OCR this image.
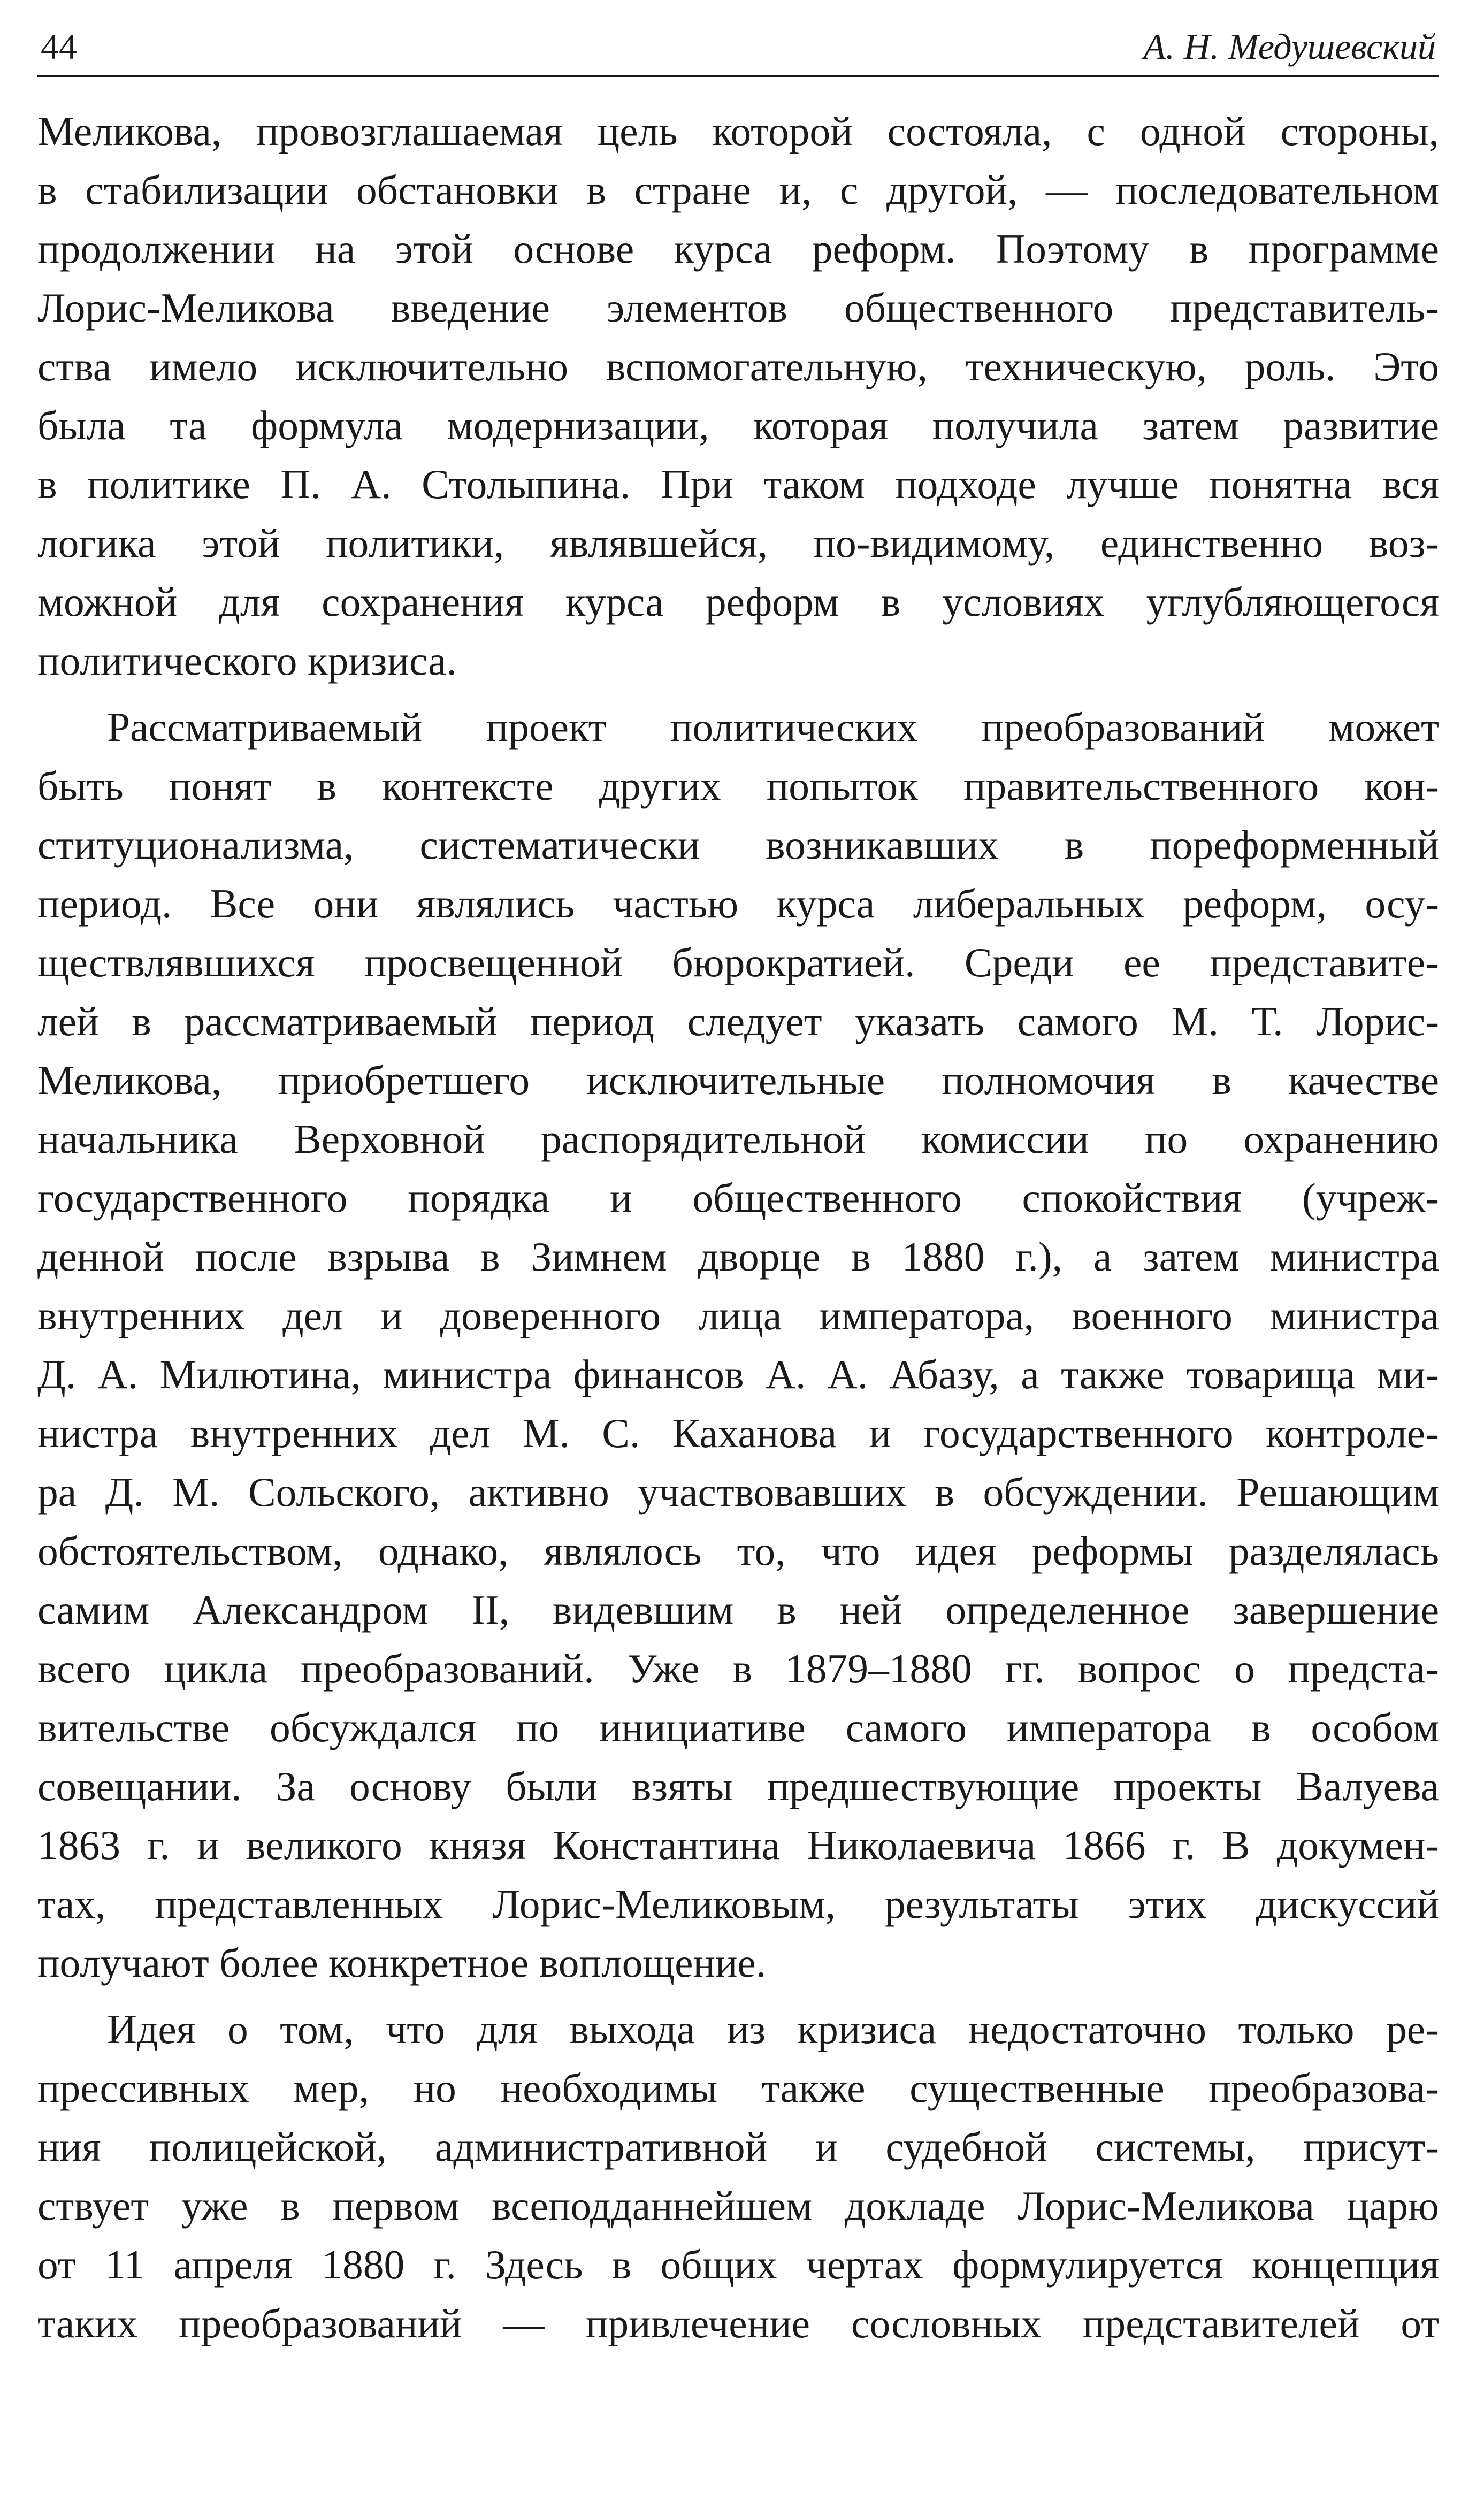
44	А. Н. Медушевский
Меликова, провозглашаемая цель которой состояла, с одной стороны,
в стабилизации обстановки в стране и, с другой, — последовательном
продолжении на этой основе курса реформ. Поэтому в программе
Лорис-Меликова введение элементов общественного представитель-
ства имело исключительно вспомогательную, техническую, роль. Это
была та формула модернизации, которая получила затем развитие
в политике П. А. Столыпина. При таком подходе лучше понятна вся
логика этой политики, являвшейся, по-видимому, единственно воз-
можной для сохранения курса реформ в условиях углубляющегося
политического кризиса.
Рассматриваемый проект политических преобразований может
быть понят в контексте других попыток правительственного кон-
ституционализма, систематически возникавших в пореформенный
период. Все они являлись частью курса либеральных реформ, осу-
ществлявшихся просвещенной бюрократией. Среди ее представите-
лей в рассматриваемый период следует указать самого М. Т. Лорис-
Меликова, приобретшего исключительные полномочия в качестве
начальника Верховной распорядительной комиссии по охранению
государственного порядка и общественного спокойствия (учреж-
денной после взрыва в Зимнем дворце в 1880 г.), а затем министра
внутренних дел и доверенного лица императора, военного министра
Д. А. Милютина, министра финансов А. А. Абазу, а также товарища ми-
нистра внутренних дел М. С. Каханова и государственного контроле-
ра Д. М. Сольского, активно участвовавших в обсуждении. Решающим
обстоятельством, однако, являлось то, что идея реформы разделялась
самим Александром II, видевшим в ней определенное завершение
всего цикла преобразований. Уже в 1879–1880 гг. вопрос о предста-
вительстве обсуждался по инициативе самого императора в особом
совещании. За основу были взяты предшествующие проекты Валуева
1863 г. и великого князя Константина Николаевича 1866 г. В докумен-
тах, представленных Лорис-Меликовым, результаты этих дискуссий
получают более конкретное воплощение.
Идея о том, что для выхода из кризиса недостаточно только ре-
прессивных мер, но необходимы также существенные преобразова-
ния полицейской, административной и судебной системы, присут-
ствует уже в первом всеподданнейшем докладе Лорис-Меликова царю
от 11 апреля 1880 г. Здесь в общих чертах формулируется концепция
таких преобразований — привлечение сословных представителей от
